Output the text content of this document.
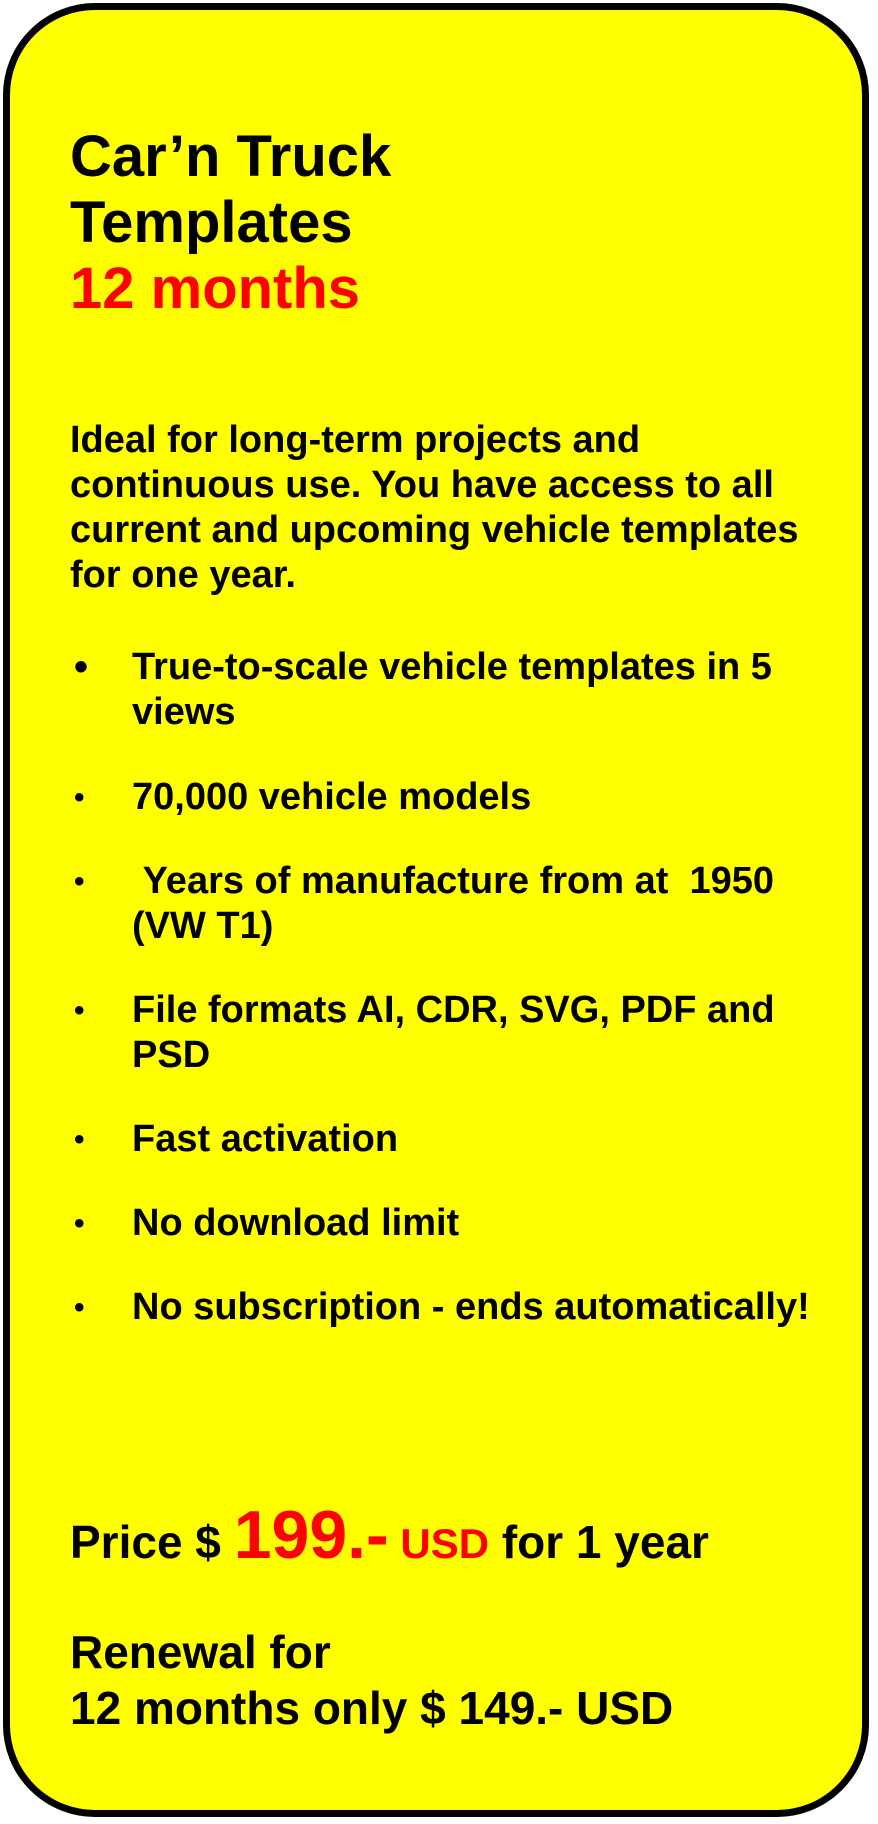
Car’n Truck
Templates
12 months

Ideal for long-term projects and continuous use. You have access to all current and upcoming vehicle templates for one year.

• True-to-scale vehicle templates in 5 views
• 70,000 vehicle models
• Years of manufacture from at  1950 (VW T1)
• File formats AI, CDR, SVG, PDF and PSD
• Fast activation
• No download limit
• No subscription - ends automatically!
Price $ 199.- USD for 1 year
Renewal for
12 months only $ 149.- USD
